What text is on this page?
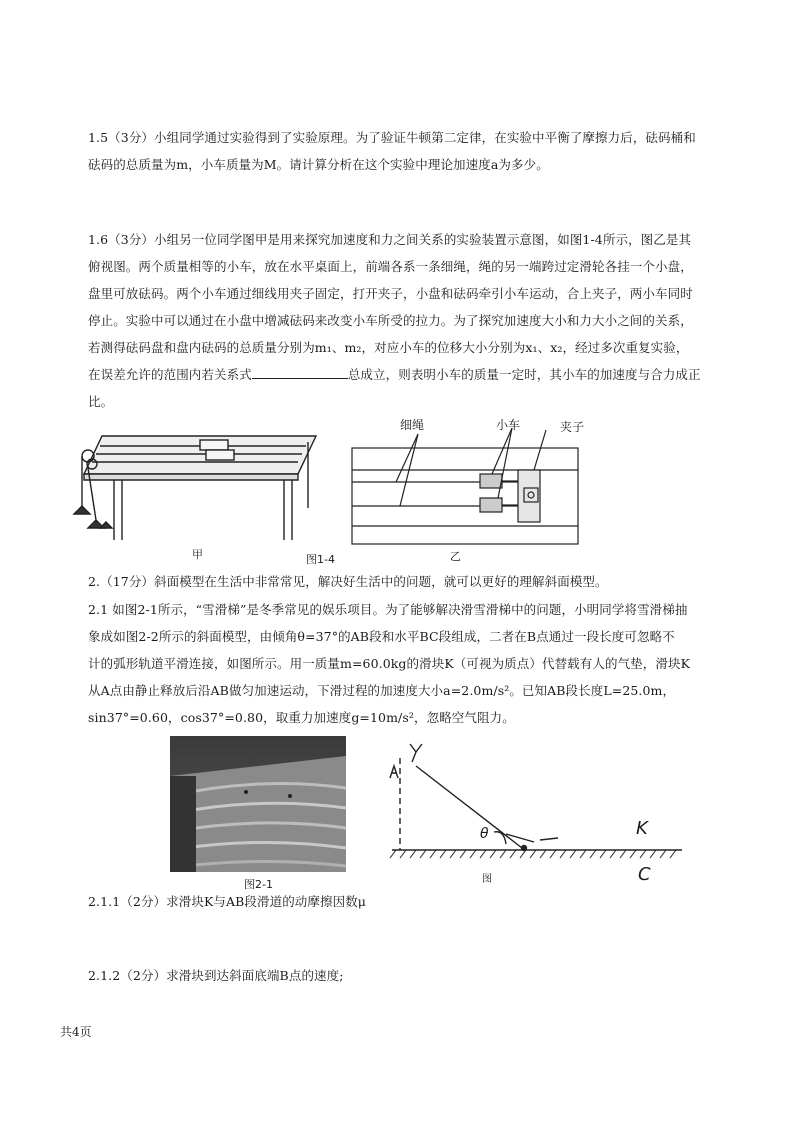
1.5（3分）小组同学通过实验得到了实验原理。为了验证牛顿第二定律，在实验中平衡了摩擦力后，砝码桶和
砝码的总质量为m，小车质量为M。请计算分析在这个实验中理论加速度a为多少。

1.6（3分）小组另一位同学图甲是用来探究加速度和力之间关系的实验装置示意图，如图1-4所示，图乙是其
俯视图。两个质量相等的小车，放在水平桌面上，前端各系一条细绳，绳的另一端跨过定滑轮各挂一个小盘，
盘里可放砝码。两个小车通过细线用夹子固定，打开夹子，小盘和砝码牵引小车运动，合上夹子，两小车同时
停止。实验中可以通过在小盘中增减砝码来改变小车所受的拉力。为了探究加速度大小和力大小之间的关系，
若测得砝码盘和盘内砝码的总质量分别为m₁、m₂，对应小车的位移大小分别为x₁、x₂，经过多次重复实验，
在误差允许的范围内若关系式	总成立，则表明小车的质量一定时，其小车的加速度与合力成正
比。

甲	图1-4
细绳	小车	夹子
乙

2.（17分）斜面模型在生活中非常常见，解决好生活中的问题，就可以更好的理解斜面模型。

2.1 如图2-1所示，“雪滑梯”是冬季常见的娱乐项目。为了能够解决滑雪滑梯中的问题，小明同学将雪滑梯抽
象成如图2-2所示的斜面模型，由倾角θ=37°的AB段和水平BC段组成，二者在B点通过一段长度可忽略不
计的弧形轨道平滑连接，如图所示。用一质量m=60.0kg的滑块K（可视为质点）代替载有人的气垫，滑块K
从A点由静止释放后沿AB做匀加速运动，下滑过程的加速度大小a=2.0m/s²。已知AB段长度L=25.0m，
sin37°=0.60，cos37°=0.80，取重力加速度g=10m/s²，忽略空气阻力。

图2-1
θ	K
C
图

2.1.1（2分）求滑块K与AB段滑道的动摩擦因数μ

2.1.2（2分）求滑块到达斜面底端B点的速度;

共4页
